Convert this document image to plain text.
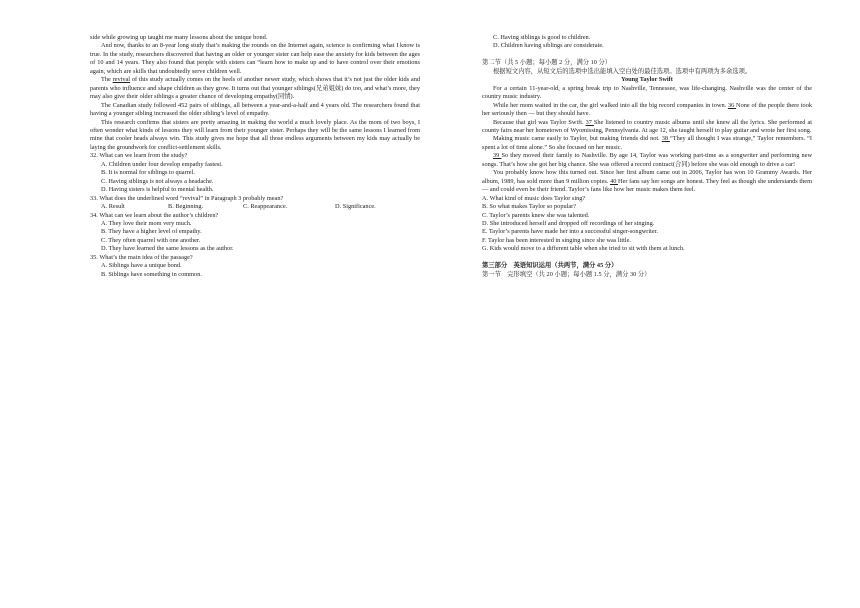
side while growing up taught me many lessons about the unique bond.

And now, thanks to an 8-year long study that’s making the rounds on the Internet again, science is confirming what I know is true. In the study, researchers discovered that having an older or younger sister can help ease the anxiety for kids between the ages of 10 and 14 years. They also found that people with sisters can “learn how to make up and to have control over their emotions again, which are skills that undoubtedly serve children well.

The revival of this study actually comes on the heels of another newer study, which shows that it’s not just the older kids and parents who influence and shape children as they grow. It turns out that younger siblings(兄弟姐妹) do too, and what’s more, they may also give their older siblings a greater chance of developing empathy(同情).

The Canadian study followed 452 pairs of siblings, all between a year-and-a-half and 4 years old. The researchers found that having a younger sibling increased the older sibling’s level of empathy.

This research confirms that sisters are pretty amazing in making the world a much lovely place. As the mom of two boys, I often wonder what kinds of lessons they will learn from their younger sister. Perhaps they will be the same lessons I learned from mine that cooler heads always win. This study gives me hope that all those endless arguments between my kids may actually be laying the groundwork for conflict-settlement skills.

32. What can we learn from the study?

A. Children under four develop empathy fastest.

B. It is normal for siblings to quarrel.

C. Having siblings is not always a headache.

D. Having sisters is helpful to mental health.

33. What does the underlined word “revival” in Paragraph 3 probably mean?

A. Result	B. Beginning.	C. Reappearance.	D. Significance.

34. What can we learn about the author’s children?

A. They love their mom very much.

B. They have a higher level of empathy.

C. They often quarrel with one another.

D. They have learned the same lessons as the author.

35. What’s the main idea of the passage?

A. Siblings have a unique bond.

B. Siblings have something in common.

C. Having siblings is good to children.

D. Children having siblings are considerate.

第二节（共 5 小题；每小题 2 分，满分 10 分）

根据短文内容，从短文后的选项中选出能填入空白处的最佳选项。选项中有两项为多余选项。

Young Taylor Swift

For a certain 11-year-old, a spring break trip to Nashville, Tennessee, was life-changing. Nashville was the center of the country music industry.

While her mom waited in the car, the girl walked into all the big record companies in town. 36 None of the people there took her seriously then — but they should have.

Because that girl was Taylor Swift. 37 She listened to country music albums until she knew all the lyrics. She performed at county fairs near her hometown of Wyomissing, Pennsylvania. At age 12, she taught herself to play guitar and wrote her first song.

Making music came easily to Taylor, but making friends did not. 38 “They all thought I was strange,” Taylor remembers. “I spent a lot of time alone.” So she focused on her music.

39 So they moved their family to Nashville. By age 14, Taylor was working part-time as a songwriter and performing new songs. That’s how she got her big chance. She was offered a record contract(合同) before she was old enough to drive a car!

You probably know how this turned out. Since her first album came out in 2006, Taylor has won 10 Grammy Awards. Her album, 1989, has sold more than 9 million copies. 40 Her fans say her songs are honest. They feel as though she understands them — and could even be their friend. Taylor’s fans like how her music makes them feel.

A. What kind of music does Taylor sing?

B. So what makes Taylor so popular?

C. Taylor’s parents knew she was talented.

D. She introduced herself and dropped off recordings of her singing.

E. Taylor’s parents have made her into a successful singer-songwriter.

F. Taylor has been interested in singing since she was little.

G. Kids would move to a different table when she tried to sit with them at lunch.

第三部分　英语知识运用（共两节，满分 45 分）

第一节　完形填空（共 20 小题；每小题 1.5 分，满分 30 分）
